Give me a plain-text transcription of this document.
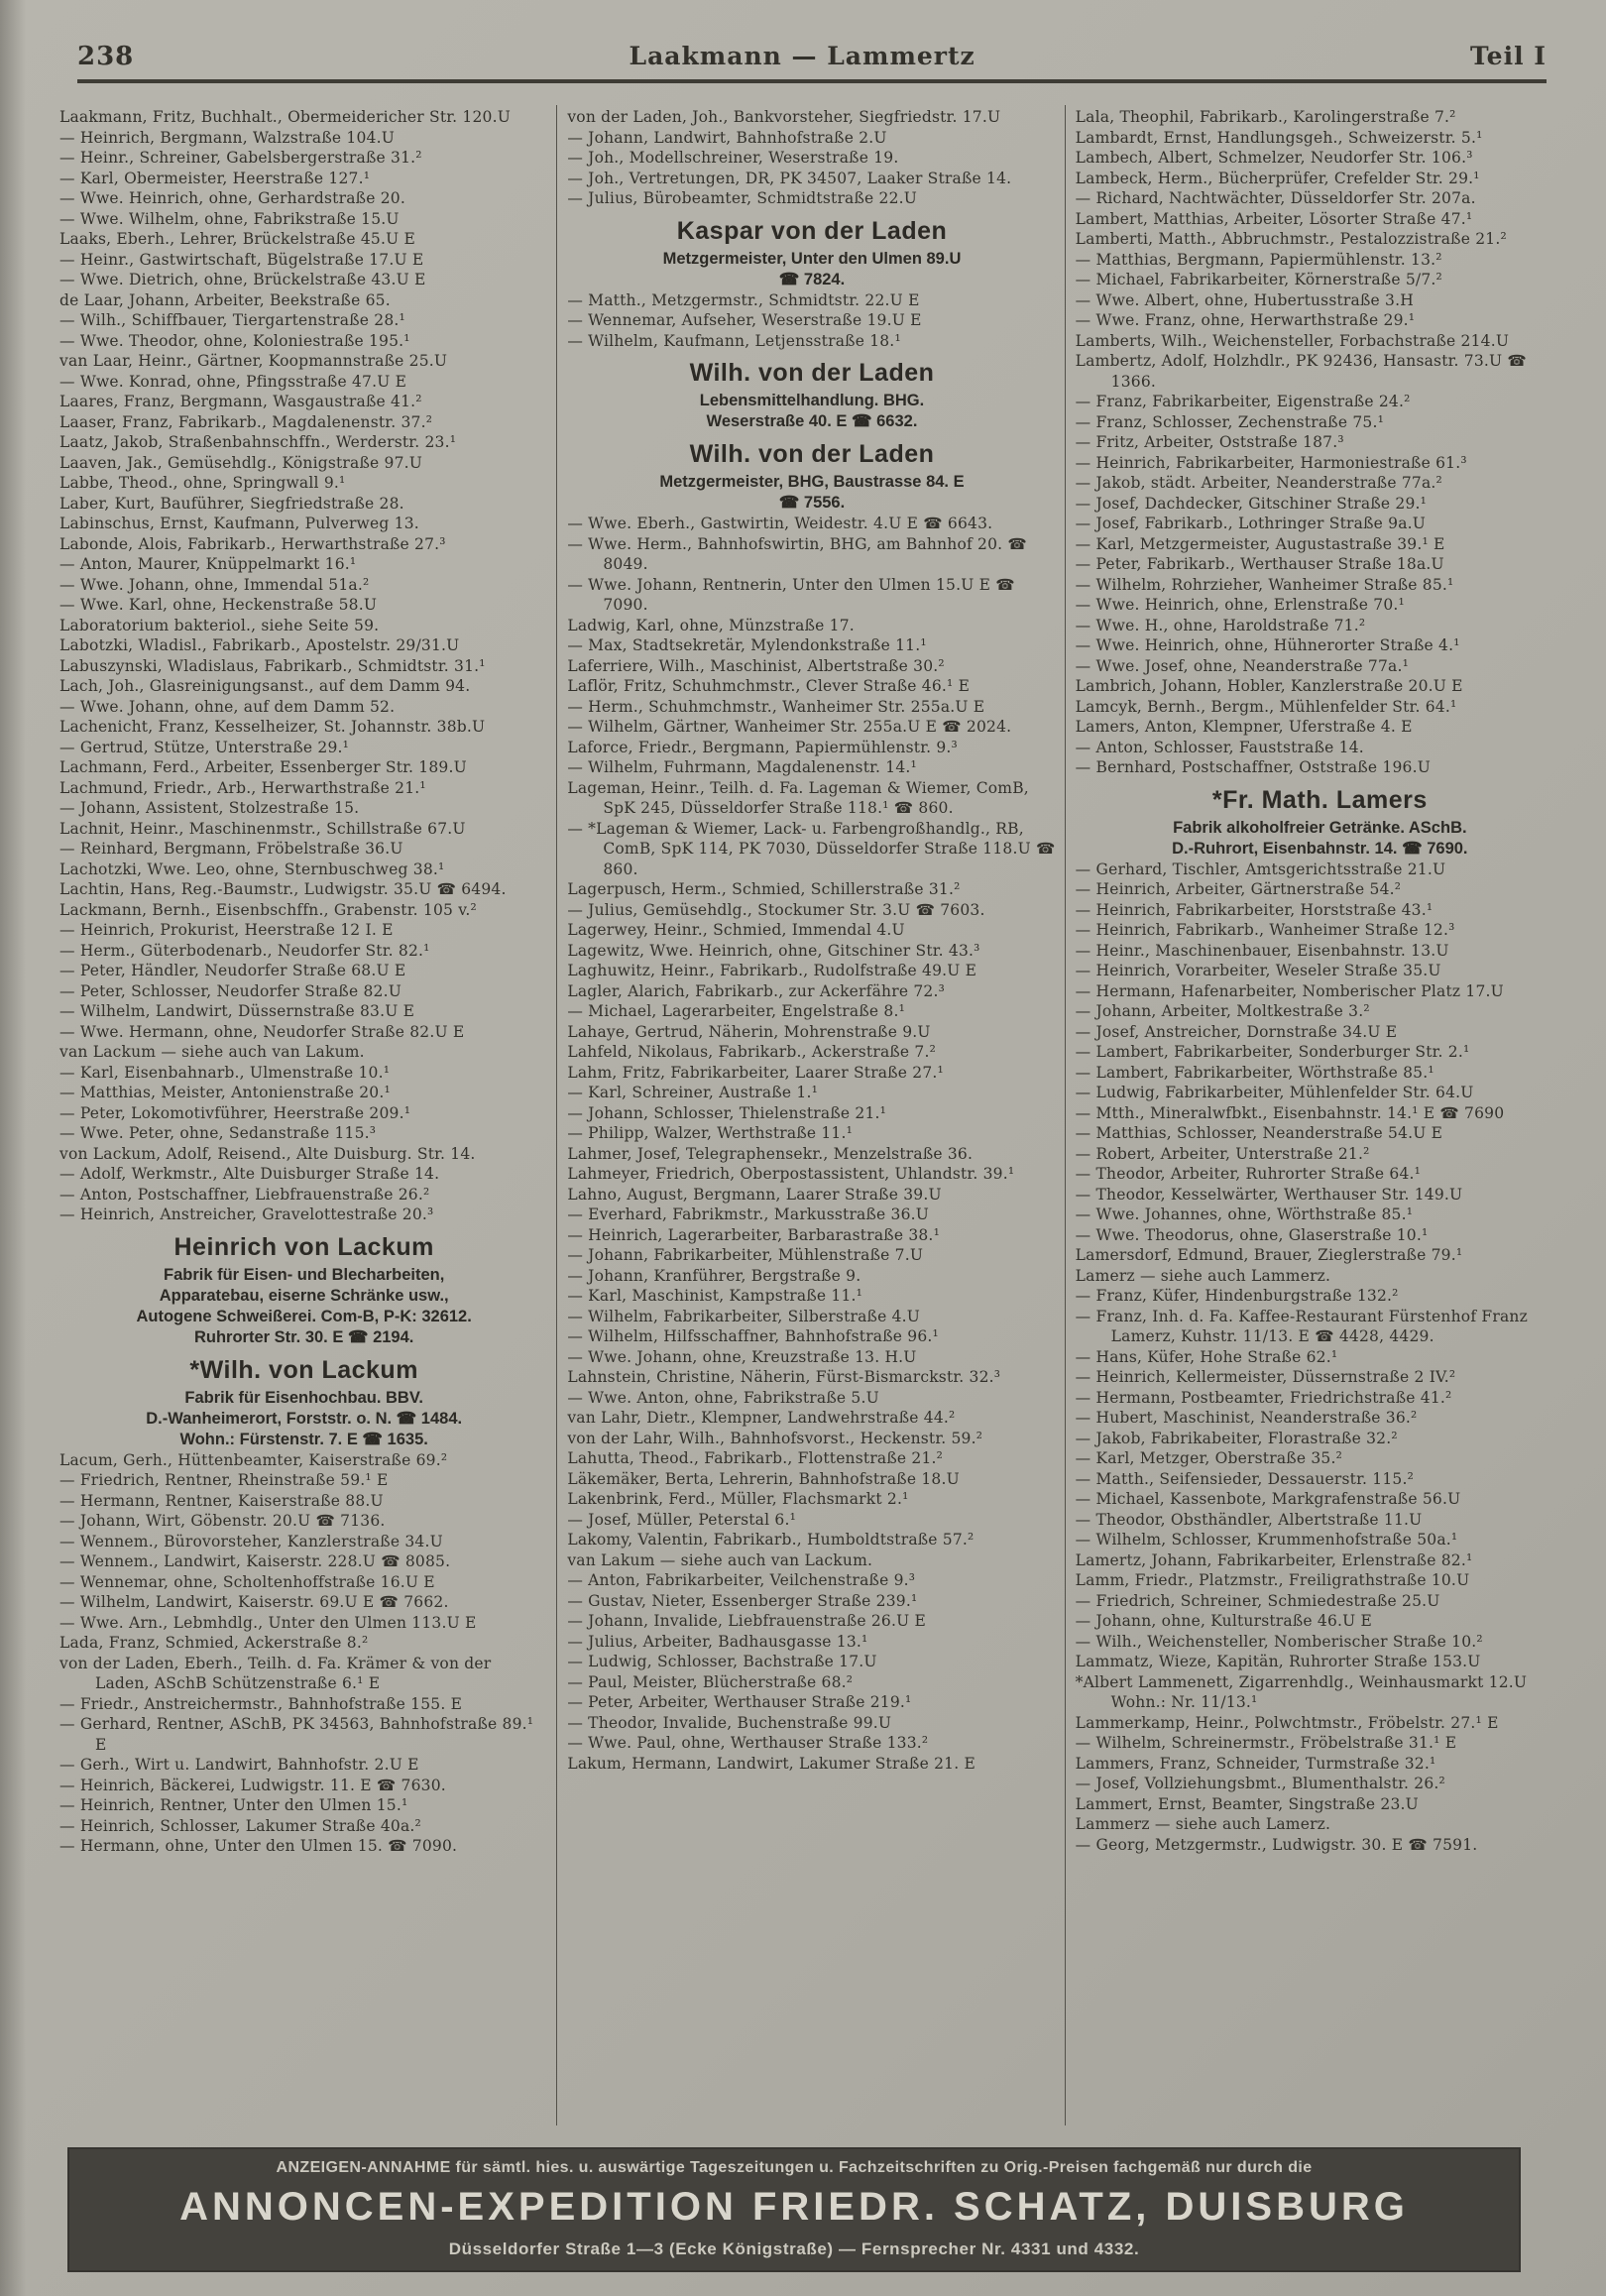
238	Laakmann — Lammertz	Teil I
Laakmann, Fritz, Buchhalt., Obermeidericher Str. 120.U
— Heinrich, Bergmann, Walzstraße 104.U
— Heinr., Schreiner, Gabelsbergerstraße 31.²
— Karl, Obermeister, Heerstraße 127.¹
— Wwe. Heinrich, ohne, Gerhardstraße 20.
— Wwe. Wilhelm, ohne, Fabrikstraße 15.U
Laaks, Eberh., Lehrer, Brückelstraße 45.U E
— Heinr., Gastwirtschaft, Bügelstraße 17.U E
— Wwe. Dietrich, ohne, Brückelstraße 43.U E
de Laar, Johann, Arbeiter, Beekstraße 65.
— Wilh., Schiffbauer, Tiergartenstraße 28.¹
— Wwe. Theodor, ohne, Koloniestraße 195.¹
van Laar, Heinr., Gärtner, Koopmannstraße 25.U
— Wwe. Konrad, ohne, Pfingsstraße 47.U E
Laares, Franz, Bergmann, Wasgaustraße 41.²
Laaser, Franz, Fabrikarb., Magdalenenstr. 37.²
Laatz, Jakob, Straßenbahnschffn., Werderstr. 23.¹
Laaven, Jak., Gemüsehdlg., Königstraße 97.U
Labbe, Theod., ohne, Springwall 9.¹
Laber, Kurt, Bauführer, Siegfriedstraße 28.
Labinschus, Ernst, Kaufmann, Pulverweg 13.
Labonde, Alois, Fabrikarb., Herwarthstraße 27.³
— Anton, Maurer, Knüppelmarkt 16.¹
— Wwe. Johann, ohne, Immendal 51a.²
— Wwe. Karl, ohne, Heckenstraße 58.U
Laboratorium bakteriol., siehe Seite 59.
Labotzki, Wladisl., Fabrikarb., Apostelstr. 29/31.U
Labuszynski, Wladislaus, Fabrikarb., Schmidtstr. 31.¹
Lach, Joh., Glasreinigungsanst., auf dem Damm 94.
— Wwe. Johann, ohne, auf dem Damm 52.
Lachenicht, Franz, Kesselheizer, St. Johannstr. 38b.U
— Gertrud, Stütze, Unterstraße 29.¹
Lachmann, Ferd., Arbeiter, Essenberger Str. 189.U
Lachmund, Friedr., Arb., Herwarthstraße 21.¹
— Johann, Assistent, Stolzestraße 15.
Lachnit, Heinr., Maschinenmstr., Schillstraße 67.U
— Reinhard, Bergmann, Fröbelstraße 36.U
Lachotzki, Wwe. Leo, ohne, Sternbuschweg 38.¹
Lachtin, Hans, Reg.-Baumstr., Ludwigstr. 35.U ☎ 6494.
Lackmann, Bernh., Eisenbschffn., Grabenstr. 105 v.²
— Heinrich, Prokurist, Heerstraße 12 I. E
— Herm., Güterbodenarb., Neudorfer Str. 82.¹
— Peter, Händler, Neudorfer Straße 68.U E
— Peter, Schlosser, Neudorfer Straße 82.U
— Wilhelm, Landwirt, Düssernstraße 83.U E
— Wwe. Hermann, ohne, Neudorfer Straße 82.U E
van Lackum — siehe auch van Lakum.
— Karl, Eisenbahnarb., Ulmenstraße 10.¹
— Matthias, Meister, Antonienstraße 20.¹
— Peter, Lokomotivführer, Heerstraße 209.¹
— Wwe. Peter, ohne, Sedanstraße 115.³
von Lackum, Adolf, Reisend., Alte Duisburg. Str. 14.
— Adolf, Werkmstr., Alte Duisburger Straße 14.
— Anton, Postschaffner, Liebfrauenstraße 26.²
— Heinrich, Anstreicher, Gravelottestraße 20.³
Heinrich von Lackum
Fabrik für Eisen- und Blecharbeiten,
Apparatebau, eiserne Schränke usw.,
Autogene Schweißerei. Com-B, P-K: 32612.
Ruhrorter Str. 30. E ☎ 2194.
*Wilh. von Lackum
Fabrik für Eisenhochbau. BBV.
D.-Wanheimerort, Forststr. o. N. ☎ 1484.
Wohn.: Fürstenstr. 7. E ☎ 1635.
Lacum, Gerh., Hüttenbeamter, Kaiserstraße 69.²
— Friedrich, Rentner, Rheinstraße 59.¹ E
— Hermann, Rentner, Kaiserstraße 88.U
— Johann, Wirt, Göbenstr. 20.U ☎ 7136.
— Wennem., Bürovorsteher, Kanzlerstraße 34.U
— Wennem., Landwirt, Kaiserstr. 228.U ☎ 8085.
— Wennemar, ohne, Scholtenhoffstraße 16.U E
— Wilhelm, Landwirt, Kaiserstr. 69.U E ☎ 7662.
— Wwe. Arn., Lebmhdlg., Unter den Ulmen 113.U E
Lada, Franz, Schmied, Ackerstraße 8.²
von der Laden, Eberh., Teilh. d. Fa. Krämer & von der Laden, ASchB Schützenstraße 6.¹ E
— Friedr., Anstreichermstr., Bahnhofstraße 155. E
— Gerhard, Rentner, ASchB, PK 34563, Bahnhofstraße 89.¹ E
— Gerh., Wirt u. Landwirt, Bahnhofstr. 2.U E
— Heinrich, Bäckerei, Ludwigstr. 11. E ☎ 7630.
— Heinrich, Rentner, Unter den Ulmen 15.¹
— Heinrich, Schlosser, Lakumer Straße 40a.²
— Hermann, ohne, Unter den Ulmen 15. ☎ 7090.
von der Laden, Joh., Bankvorsteher, Siegfriedstr. 17.U
— Johann, Landwirt, Bahnhofstraße 2.U
— Joh., Modellschreiner, Weserstraße 19.
— Joh., Vertretungen, DR, PK 34507, Laaker Straße 14.
— Julius, Bürobeamter, Schmidtstraße 22.U
Kaspar von der Laden
Metzgermeister, Unter den Ulmen 89.U
☎ 7824.
— Matth., Metzgermstr., Schmidtstr. 22.U E
— Wennemar, Aufseher, Weserstraße 19.U E
— Wilhelm, Kaufmann, Letjensstraße 18.¹
Wilh. von der Laden
Lebensmittelhandlung. BHG.
Weserstraße 40. E ☎ 6632.
Wilh. von der Laden
Metzgermeister, BHG, Baustrasse 84. E
☎ 7556.
— Wwe. Eberh., Gastwirtin, Weidestr. 4.U E ☎ 6643.
— Wwe. Herm., Bahnhofswirtin, BHG, am Bahnhof 20. ☎ 8049.
— Wwe. Johann, Rentnerin, Unter den Ulmen 15.U E ☎ 7090.
Ladwig, Karl, ohne, Münzstraße 17.
— Max, Stadtsekretär, Mylendonkstraße 11.¹
Laferriere, Wilh., Maschinist, Albertstraße 30.²
Laflör, Fritz, Schuhmchmstr., Clever Straße 46.¹ E
— Herm., Schuhmchmstr., Wanheimer Str. 255a.U E
— Wilhelm, Gärtner, Wanheimer Str. 255a.U E ☎ 2024.
Laforce, Friedr., Bergmann, Papiermühlenstr. 9.³
— Wilhelm, Fuhrmann, Magdalenenstr. 14.¹
Lageman, Heinr., Teilh. d. Fa. Lageman & Wiemer, ComB, SpK 245, Düsseldorfer Straße 118.¹ ☎ 860.
— *Lageman & Wiemer, Lack- u. Farbengroßhandlg., RB, ComB, SpK 114, PK 7030, Düsseldorfer Straße 118.U ☎ 860.
Lagerpusch, Herm., Schmied, Schillerstraße 31.²
— Julius, Gemüsehdlg., Stockumer Str. 3.U ☎ 7603.
Lagerwey, Heinr., Schmied, Immendal 4.U
Lagewitz, Wwe. Heinrich, ohne, Gitschiner Str. 43.³
Laghuwitz, Heinr., Fabrikarb., Rudolfstraße 49.U E
Lagler, Alarich, Fabrikarb., zur Ackerfähre 72.³
— Michael, Lagerarbeiter, Engelstraße 8.¹
Lahaye, Gertrud, Näherin, Mohrenstraße 9.U
Lahfeld, Nikolaus, Fabrikarb., Ackerstraße 7.²
Lahm, Fritz, Fabrikarbeiter, Laarer Straße 27.¹
— Karl, Schreiner, Austraße 1.¹
— Johann, Schlosser, Thielenstraße 21.¹
— Philipp, Walzer, Werthstraße 11.¹
Lahmer, Josef, Telegraphensekr., Menzelstraße 36.
Lahmeyer, Friedrich, Oberpostassistent, Uhlandstr. 39.¹
Lahno, August, Bergmann, Laarer Straße 39.U
— Everhard, Fabrikmstr., Markusstraße 36.U
— Heinrich, Lagerarbeiter, Barbarastraße 38.¹
— Johann, Fabrikarbeiter, Mühlenstraße 7.U
— Johann, Kranführer, Bergstraße 9.
— Karl, Maschinist, Kampstraße 11.¹
— Wilhelm, Fabrikarbeiter, Silberstraße 4.U
— Wilhelm, Hilfsschaffner, Bahnhofstraße 96.¹
— Wwe. Johann, ohne, Kreuzstraße 13. H.U
Lahnstein, Christine, Näherin, Fürst-Bismarckstr. 32.³
— Wwe. Anton, ohne, Fabrikstraße 5.U
van Lahr, Dietr., Klempner, Landwehrstraße 44.²
von der Lahr, Wilh., Bahnhofsvorst., Heckenstr. 59.²
Lahutta, Theod., Fabrikarb., Flottenstraße 21.²
Läkemäker, Berta, Lehrerin, Bahnhofstraße 18.U
Lakenbrink, Ferd., Müller, Flachsmarkt 2.¹
— Josef, Müller, Peterstal 6.¹
Lakomy, Valentin, Fabrikarb., Humboldtstraße 57.²
van Lakum — siehe auch van Lackum.
— Anton, Fabrikarbeiter, Veilchenstraße 9.³
— Gustav, Nieter, Essenberger Straße 239.¹
— Johann, Invalide, Liebfrauenstraße 26.U E
— Julius, Arbeiter, Badhausgasse 13.¹
— Ludwig, Schlosser, Bachstraße 17.U
— Paul, Meister, Blücherstraße 68.²
— Peter, Arbeiter, Werthauser Straße 219.¹
— Theodor, Invalide, Buchenstraße 99.U
— Wwe. Paul, ohne, Werthauser Straße 133.²
Lakum, Hermann, Landwirt, Lakumer Straße 21. E
Lala, Theophil, Fabrikarb., Karolingerstraße 7.²
Lambardt, Ernst, Handlungsgeh., Schweizerstr. 5.¹
Lambech, Albert, Schmelzer, Neudorfer Str. 106.³
Lambeck, Herm., Bücherprüfer, Crefelder Str. 29.¹
— Richard, Nachtwächter, Düsseldorfer Str. 207a.
Lambert, Matthias, Arbeiter, Lösorter Straße 47.¹
Lamberti, Matth., Abbruchmstr., Pestalozzistraße 21.²
— Matthias, Bergmann, Papiermühlenstr. 13.²
— Michael, Fabrikarbeiter, Körnerstraße 5/7.²
— Wwe. Albert, ohne, Hubertusstraße 3.H
— Wwe. Franz, ohne, Herwarthstraße 29.¹
Lamberts, Wilh., Weichensteller, Forbachstraße 214.U
Lambertz, Adolf, Holzhdlr., PK 92436, Hansastr. 73.U ☎ 1366.
— Franz, Fabrikarbeiter, Eigenstraße 24.²
— Franz, Schlosser, Zechenstraße 75.¹
— Fritz, Arbeiter, Oststraße 187.³
— Heinrich, Fabrikarbeiter, Harmoniestraße 61.³
— Jakob, städt. Arbeiter, Neanderstraße 77a.²
— Josef, Dachdecker, Gitschiner Straße 29.¹
— Josef, Fabrikarb., Lothringer Straße 9a.U
— Karl, Metzgermeister, Augustastraße 39.¹ E
— Peter, Fabrikarb., Werthauser Straße 18a.U
— Wilhelm, Rohrzieher, Wanheimer Straße 85.¹
— Wwe. Heinrich, ohne, Erlenstraße 70.¹
— Wwe. H., ohne, Haroldstraße 71.²
— Wwe. Heinrich, ohne, Hühnerorter Straße 4.¹
— Wwe. Josef, ohne, Neanderstraße 77a.¹
Lambrich, Johann, Hobler, Kanzlerstraße 20.U E
Lamcyk, Bernh., Bergm., Mühlenfelder Str. 64.¹
Lamers, Anton, Klempner, Uferstraße 4. E
— Anton, Schlosser, Fauststraße 14.
— Bernhard, Postschaffner, Oststraße 196.U
*Fr. Math. Lamers
Fabrik alkoholfreier Getränke. ASchB.
D.-Ruhrort, Eisenbahnstr. 14. ☎ 7690.
— Gerhard, Tischler, Amtsgerichtsstraße 21.U
— Heinrich, Arbeiter, Gärtnerstraße 54.²
— Heinrich, Fabrikarbeiter, Horststraße 43.¹
— Heinrich, Fabrikarb., Wanheimer Straße 12.³
— Heinr., Maschinenbauer, Eisenbahnstr. 13.U
— Heinrich, Vorarbeiter, Weseler Straße 35.U
— Hermann, Hafenarbeiter, Nomberischer Platz 17.U
— Johann, Arbeiter, Moltkestraße 3.²
— Josef, Anstreicher, Dornstraße 34.U E
— Lambert, Fabrikarbeiter, Sonderburger Str. 2.¹
— Lambert, Fabrikarbeiter, Wörthstraße 85.¹
— Ludwig, Fabrikarbeiter, Mühlenfelder Str. 64.U
— Mtth., Mineralwfbkt., Eisenbahnstr. 14.¹ E ☎ 7690
— Matthias, Schlosser, Neanderstraße 54.U E
— Robert, Arbeiter, Unterstraße 21.²
— Theodor, Arbeiter, Ruhrorter Straße 64.¹
— Theodor, Kesselwärter, Werthauser Str. 149.U
— Wwe. Johannes, ohne, Wörthstraße 85.¹
— Wwe. Theodorus, ohne, Glaserstraße 10.¹
Lamersdorf, Edmund, Brauer, Zieglerstraße 79.¹
Lamerz — siehe auch Lammerz.
— Franz, Küfer, Hindenburgstraße 132.²
— Franz, Inh. d. Fa. Kaffee-Restaurant Fürstenhof Franz Lamerz, Kuhstr. 11/13. E ☎ 4428, 4429.
— Hans, Küfer, Hohe Straße 62.¹
— Heinrich, Kellermeister, Düssernstraße 2 IV.²
— Hermann, Postbeamter, Friedrichstraße 41.²
— Hubert, Maschinist, Neanderstraße 36.²
— Jakob, Fabrikabeiter, Florastraße 32.²
— Karl, Metzger, Oberstraße 35.²
— Matth., Seifensieder, Dessauerstr. 115.²
— Michael, Kassenbote, Markgrafenstraße 56.U
— Theodor, Obsthändler, Albertstraße 11.U
— Wilhelm, Schlosser, Krummenhofstraße 50a.¹
Lamertz, Johann, Fabrikarbeiter, Erlenstraße 82.¹
Lamm, Friedr., Platzmstr., Freiligrathstraße 10.U
— Friedrich, Schreiner, Schmiedestraße 25.U
— Johann, ohne, Kulturstraße 46.U E
— Wilh., Weichensteller, Nomberischer Straße 10.²
Lammatz, Wieze, Kapitän, Ruhrorter Straße 153.U
*Albert Lammenett, Zigarrenhdlg., Weinhausmarkt 12.U Wohn.: Nr. 11/13.¹
Lammerkamp, Heinr., Polwchtmstr., Fröbelstr. 27.¹ E
— Wilhelm, Schreinermstr., Fröbelstraße 31.¹ E
Lammers, Franz, Schneider, Turmstraße 32.¹
— Josef, Vollziehungsbmt., Blumenthalstr. 26.²
Lammert, Ernst, Beamter, Singstraße 23.U
Lammerz — siehe auch Lamerz.
— Georg, Metzgermstr., Ludwigstr. 30. E ☎ 7591.
ANZEIGEN-ANNAHME für sämtl. hies. u. auswärtige Tageszeitungen u. Fachzeitschriften zu Orig.-Preisen fachgemäß nur durch die
ANNONCEN-EXPEDITION FRIEDR. SCHATZ, DUISBURG
Düsseldorfer Straße 1—3 (Ecke Königstraße) — Fernsprecher Nr. 4331 und 4332.
